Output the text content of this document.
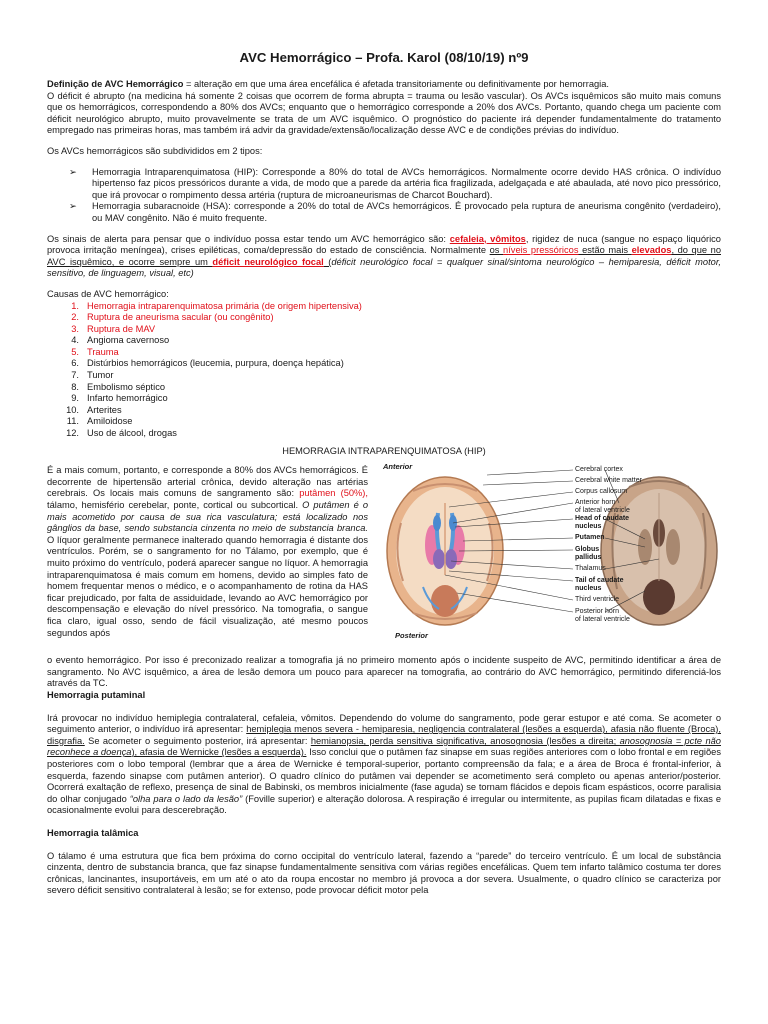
AVC Hemorrágico – Profa. Karol (08/10/19) nº9

Definição de AVC Hemorrágico = alteração em que uma área encefálica é afetada transitoriamente ou definitivamente por hemorragia.

O déficit é abrupto (na medicina há somente 2 coisas que ocorrem de forma abrupta = trauma ou lesão vascular). Os AVCs isquêmicos são muito mais comuns que os hemorrágicos, correspondendo a 80% dos AVCs; enquanto que o hemorrágico corresponde a 20% dos AVCs. Portanto, quando chega um paciente com déficit neurológico abrupto, muito provavelmente se trata de um AVC isquêmico. O prognóstico do paciente irá depender fundamentalmente do tratamento empregado nas primeiras horas, mas também irá advir da gravidade/extensão/localização desse AVC e de condições prévias do indivíduo.

Os AVCs hemorrágicos são subdivididos em 2 tipos:

➢ Hemorragia Intraparenquimatosa (HIP): Corresponde a 80% do total de AVCs hemorrágicos. Normalmente ocorre devido HAS crônica. O indivíduo hipertenso faz picos pressóricos durante a vida, de modo que a parede da artéria fica fragilizada, adelgaçada e até abaulada, até novo pico pressórico, que irá provocar o rompimento dessa artéria (ruptura de microaneurismas de Charcot Bouchard).
➢ Hemorragia subaracnoide (HSA): corresponde a 20% do total de AVCs hemorrágicos. É provocado pela ruptura de aneurisma congênito (verdadeiro), ou MAV congênito. Não é muito frequente.

Os sinais de alerta para pensar que o indivíduo possa estar tendo um AVC hemorrágico são: cefaleia, vômitos, rigidez de nuca (sangue no espaço liquórico provoca irritação meníngea), crises epiléticas, coma/depressão do estado de consciência. Normalmente os níveis pressóricos estão mais elevados, do que no AVC isquêmico, e ocorre sempre um déficit neurológico focal (déficit neurológico focal = qualquer sinal/sintoma neurológico – hemiparesia, déficit motor, sensitivo, de linguagem, visual, etc)

Causas de AVC hemorrágico:

1. Hemorragia intraparenquimatosa primária (de origem hipertensiva)
2. Ruptura de aneurisma sacular (ou congênito)
3. Ruptura de MAV
4. Angioma cavernoso
5. Trauma
6. Distúrbios hemorrágicos (leucemia, purpura, doença hepática)
7. Tumor
8. Embolismo séptico
9. Infarto hemorrágico
10. Arterites
11. Amiloidose
12. Uso de álcool, drogas

HEMORRAGIA INTRAPARENQUIMATOSA (HIP)

É a mais comum, portanto, e corresponde a 80% dos AVCs hemorrágicos. É decorrente de hipertensão arterial crônica, devido alteração nas artérias cerebrais. Os locais mais comuns de sangramento são: putâmen (50%), tálamo, hemisfério cerebelar, ponte, cortical ou subcortical. O putâmen é o mais acometido por causa de sua rica vasculatura; está localizado nos gânglios da base, sendo substancia cinzenta no meio de substancia branca. O líquor geralmente permanece inalterado quando hemorragia é distante dos ventrículos. Porém, se o sangramento for no Tálamo, por exemplo, que é muito próximo do ventrículo, poderá aparecer sangue no líquor. A hemorragia intraparenquimatosa é mais comum em homens, devido ao simples fato de homem frequentar menos o médico, e o acompanhamento de rotina da HAS ficar prejudicado, por falta de assiduidade, levando ao AVC hemorrágico por descompensação e elevação do nível pressórico. Na tomografia, o sangue fica claro, igual osso, sendo de fácil visualização, até mesmo poucos segundos após

Anterior
Posterior
Cerebral cortex
Cerebral white matter
Corpus callosum
Anterior horn
of lateral ventricle
Head of caudate
nucleus
Putamen
Globus
pallidus
Thalamus
Tail of caudate
nucleus
Third ventricle
Posterior horn
of lateral ventricle

o evento hemorrágico. Por isso é preconizado realizar a tomografia já no primeiro momento após o incidente suspeito de AVC, permitindo identificar a área de sangramento. No AVC isquêmico, a área de lesão demora um pouco para aparecer na tomografia, ao contrário do AVC hemorrágico, permitindo diferenciá-los através da TC.

Hemorragia putaminal

Irá provocar no indivíduo hemiplegia contralateral, cefaleia, vômitos. Dependendo do volume do sangramento, pode gerar estupor e até coma. Se acometer o seguimento anterior, o indivíduo irá apresentar: hemiplegia menos severa - hemiparesia, negligencia contralateral (lesões a esquerda), afasia não fluente (Broca), disgrafia. Se acometer o seguimento posterior, irá apresentar: hemianopsia, perda sensitiva significativa, anosognosia (lesões a direita; anosognosia = pcte não reconhece a doença), afasia de Wernicke (lesões a esquerda). Isso conclui que o putâmen faz sinapse em suas regiões anteriores com o lobo frontal e em regiões posteriores com o lobo temporal (lembrar que a área de Wernicke é temporal-superior, portanto compreensão da fala; e a área de Broca é frontal-inferior, à esquerda, fazendo sinapse com putâmen anterior). O quadro clínico do putâmen vai depender se acometimento será completo ou apenas anterior/posterior. Ocorrerá exaltação de reflexo, presença de sinal de Babinski, os membros inicialmente (fase aguda) se tornam flácidos e depois ficam espásticos, ocorre paralisia do olhar conjugado “olha para o lado da lesão” (Foville superior) e alteração dolorosa. A respiração é irregular ou intermitente, as pupilas ficam dilatadas e fixas e ocasionalmente evolui para descerebração.

Hemorragia talâmica

O tálamo é uma estrutura que fica bem próxima do corno occipital do ventrículo lateral, fazendo a “parede” do terceiro ventrículo. É um local de substância cinzenta, dentro de substancia branca, que faz sinapse fundamentalmente sensitiva com várias regiões encefálicas. Quem tem infarto talâmico costuma ter dores crônicas, lancinantes, insuportáveis, em um até o ato da roupa encostar no membro já provoca a dor severa. Usualmente, o quadro clínico se caracteriza por severo déficit sensitivo contralateral à lesão; se for extenso, pode provocar déficit motor pela
